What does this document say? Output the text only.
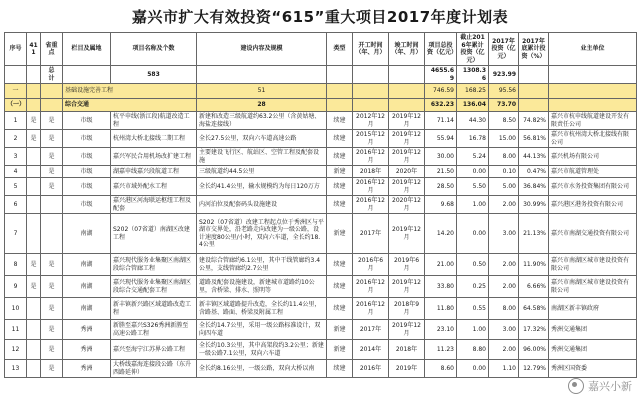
嘉兴市扩大有效投资“615”重大项目2017年度计划表
序号	411	省重点	栏目及属地	项目名称及个数	建设内容及规模	类型	开工时间（年、月）	竣工时间（年、月）	项目总投资（亿元）	截止2016年累计投资（亿元）	2017年投资（亿元）	2017年底累计投资（%）	业主单位
		总　　计		583					4655.69	1308.36	923.99		
一			基础设施完善工程		51				746.59	168.25	95.56		
（一）			综合交通		28				632.23	136.04	73.70		
1	是	是	市级	杭平申线(浙江段)航道改造工程	新建和改造三级航道约63.2公里（含黄姑塘、海盐连接线）	续建	2012年12月	2019年12月	71.14	44.30	8.50	74.82%	嘉兴市杭申线航道建设开发有限责任公司
2	是	是	市级	杭州湾大桥北接线二期工程	全长27.5公里，双向六车道高速公路	续建	2015年12月	2019年12月	55.94	16.78	15.00	56.81%	嘉兴市杭州湾大桥北接线有限公司
3		是	市级	嘉兴军民合用机场改扩建工程	主要建设飞行区、航站区、空管工程及配套设施	续建	2016年12月	2019年12月	30.00	5.24	8.00	44.13%	嘉兴机场有限公司
4		是	市级	湖嘉申线嘉兴段航道工程	三级航道约44.5公里	新建	2018年	2020年	21.50	0.00	0.10	0.47%	嘉兴市航道管理处
5		是	市级	嘉兴市域外配水工程	全长约41.4公里，输水规模约为每日120万方	续建	2016年12月	2019年12月	28.50	5.50	5.00	36.84%	嘉兴市水务投资集团有限公司
6			市级	嘉兴港区河海联运枢纽工程及配套	内河泊位及配套码头设施建设	续建	2016年12月	2020年12月	9.68	1.00	2.00	30.99%	嘉兴港区港务投资有限公司
7			南湖	S202（07省道）南湖区改建工程	S202（07省道）改建工程起点位于秀洲区与平湖市交界处，沿老路走向改建为一级公路，设计速度80公里/小时，双向六车道，全长约18.4公里	新建	2017年	2019年12月	14.20	0.00	3.00	21.13%	嘉兴市南湖交通投资有限公司
8	是	是	南湖	嘉兴现代服务业集聚区南湖区段综合管廊工程	建设综合管廊约6.1公里，其中干线管廊约3.4公里，支线管廊约2.7公里	续建	2016年6月	2019年6月	21.00	0.50	2.00	11.90%	嘉兴市南湖区城市建设投资有限公司
9	是	是	南湖	嘉兴现代服务业集聚区南湖区段综合交通配套工程	道路及配套设施建设，新建城市道路约10公里，含桥梁、排水、照明等	续建	2016年12月	2019年12月	33.80	0.25	2.00	6.66%	嘉兴市南湖区城市建设投资有限公司
10		是	南湖	新丰镇新兴路区域道路改造工程	新丰镇区域道路提升改造，全长约11.4公里，含路基、路面、桥梁及附属工程	续建	2016年12月	2018年9月	11.80	0.55	8.00	64.58%	南湖区新丰镇政府
11		是	秀洲	新塍至嘉兴S326秀洲新塍至高速公路工程	全长约14.7公里，采用一级公路标准设计，双向四车道	新建	2017年	2019年12月	23.10	1.00	3.00	17.32%	秀洲交通集团
12		是	秀洲	嘉兴至海宁江苏界公路工程	全长约10.3公里，其中高架段约3.2公里；新建一级公路7.1公里，双向六车道	新建	2014年	2018年	11.23	8.80	2.00	96.00%	秀洲交通集团
13		是	秀洲	大桥线嘉海连接段公路（东升西路延伸）	全长约8.16公里，一级公路，双向大桥以南	续建	2016年	2019年	8.60	0.00	1.10	12.79%	秀洲区国资委
嘉兴小新
